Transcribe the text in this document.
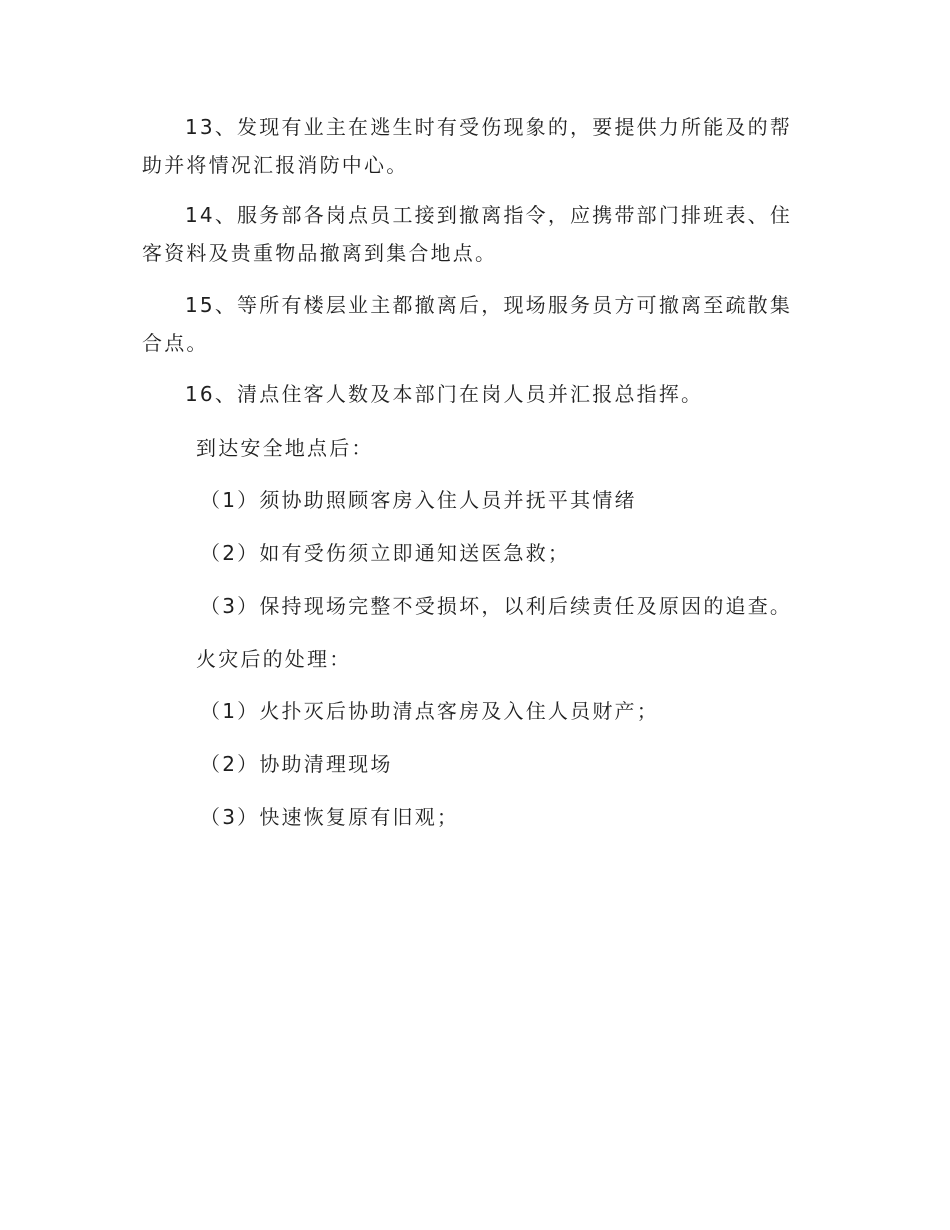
13、发现有业主在逃生时有受伤现象的，要提供力所能及的帮助并将情况汇报消防中心。

14、服务部各岗点员工接到撤离指令，应携带部门排班表、住客资料及贵重物品撤离到集合地点。

15、等所有楼层业主都撤离后，现场服务员方可撤离至疏散集合点。

16、清点住客人数及本部门在岗人员并汇报总指挥。

到达安全地点后：

（1）须协助照顾客房入住人员并抚平其情绪

（2）如有受伤须立即通知送医急救；

（3）保持现场完整不受损坏，以利后续责任及原因的追查。

火灾后的处理：

（1）火扑灭后协助清点客房及入住人员财产；

（2）协助清理现场

（3）快速恢复原有旧观；
